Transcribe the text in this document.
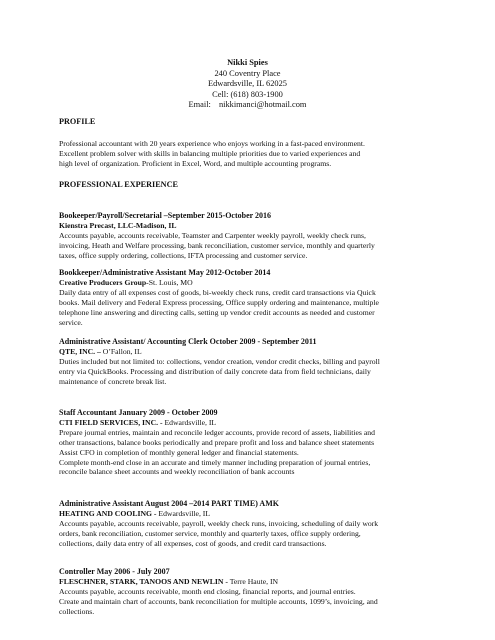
Nikki Spies
240 Coventry Place
Edwardsville, IL 62025
Cell: (618) 803-1900
Email: nikkimanci@hotmail.com
PROFILE

Professional accountant with 20 years experience who enjoys working in a fast-paced environment.

Excellent problem solver with skills in balancing multiple priorities due to varied experiences and

high level of organization. Proficient in Excel, Word, and multiple accounting programs.

PROFESSIONAL EXPERIENCE
Bookeeper/Payroll/Secretarial –September 2015-October 2016
Kienstra Precast, LLC-Madison, IL

Accounts payable, accounts receivable, Teamster and Carpenter weekly payroll, weekly check runs,

invoicing, Heath and Welfare processing, bank reconciliation, customer service, monthly and quarterly

taxes, office supply ordering, collections, IFTA processing and customer service.

Bookkeeper/Administrative Assistant May 2012-October 2014
Creative Producers Group-St. Louis, MO

Daily data entry of all expenses cost of goods, bi-weekly check runs, credit card transactions via Quick

books. Mail delivery and Federal Express processing, Office supply ordering and maintenance, multiple

telephone line answering and directing calls, setting up vendor credit accounts as needed and customer

service.

Administrative Assistant/ Accounting Clerk October 2009 - September 2011
QTE, INC. – O’Fallon, IL

Duties included but not limited to: collections, vendor creation, vendor credit checks, billing and payroll

entry via QuickBooks. Processing and distribution of daily concrete data from field technicians, daily

maintenance of concrete break list.

Staff Accountant January 2009 - October 2009
CTI FIELD SERVICES, INC. - Edwardsville, IL

Prepare journal entries, maintain and reconcile ledger accounts, provide record of assets, liabilities and

other transactions, balance books periodically and prepare profit and loss and balance sheet statements

Assist CFO in completion of monthly general ledger and financial statements.

Complete month-end close in an accurate and timely manner including preparation of journal entries,

reconcile balance sheet accounts and weekly reconciliation of bank accounts

Administrative Assistant August 2004 –2014 PART TIME) AMK
HEATING AND COOLING - Edwardsville, IL

Accounts payable, accounts receivable, payroll, weekly check runs, invoicing, scheduling of daily work

orders, bank reconciliation, customer service, monthly and quarterly taxes, office supply ordering,

collections, daily data entry of all expenses, cost of goods, and credit card transactions.

Controller May 2006 - July 2007
FLESCHNER, STARK, TANOOS AND NEWLIN - Terre Haute, IN

Accounts payable, accounts receivable, month end closing, financial reports, and journal entries.

Create and maintain chart of accounts, bank reconciliation for multiple accounts, 1099’s, invoicing, and

collections.
